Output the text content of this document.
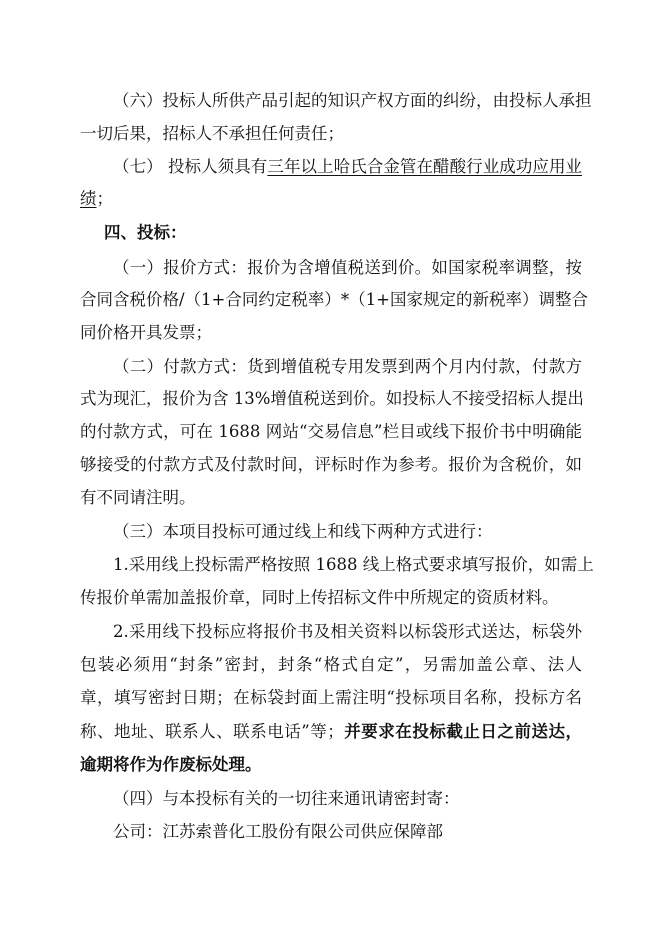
（六）投标人所供产品引起的知识产权方面的纠纷，由投标人承担
一切后果，招标人不承担任何责任；
（七） 投标人须具有三年以上哈氏合金管在醋酸行业成功应用业
绩；
四、投标：
（一）报价方式：报价为含增值税送到价。如国家税率调整，按
合同含税价格/（1+合同约定税率）*（1+国家规定的新税率）调整合
同价格开具发票；
（二）付款方式：货到增值税专用发票到两个月内付款，付款方
式为现汇，报价为含 13%增值税送到价。如投标人不接受招标人提出
的付款方式，可在 1688 网站“交易信息”栏目或线下报价书中明确能
够接受的付款方式及付款时间，评标时作为参考。报价为含税价，如
有不同请注明。
（三）本项目投标可通过线上和线下两种方式进行：
1.采用线上投标需严格按照 1688 线上格式要求填写报价，如需上
传报价单需加盖报价章，同时上传招标文件中所规定的资质材料。
2.采用线下投标应将报价书及相关资料以标袋形式送达，标袋外
包装必须用“封条”密封，封条“格式自定”，另需加盖公章、法人
章，填写密封日期；在标袋封面上需注明“投标项目名称，投标方名
称、地址、联系人、联系电话”等；并要求在投标截止日之前送达，
逾期将作为作废标处理。
（四）与本投标有关的一切往来通讯请密封寄：
公司：江苏索普化工股份有限公司供应保障部
